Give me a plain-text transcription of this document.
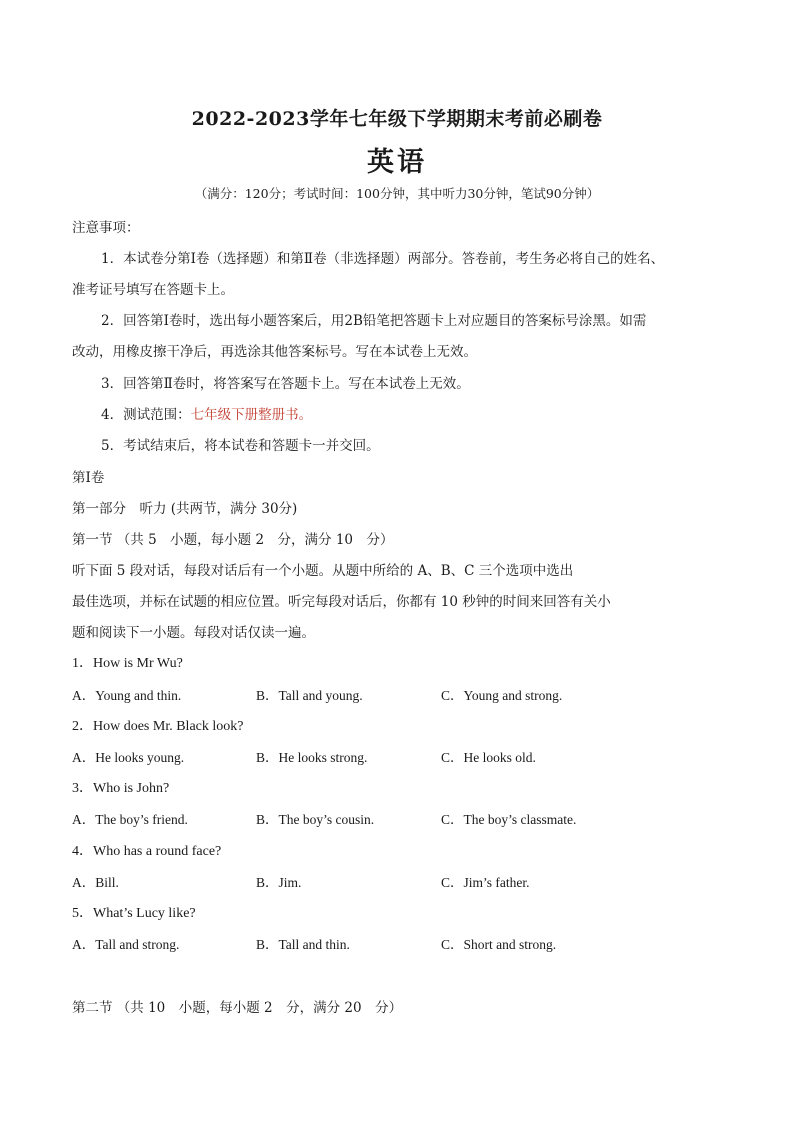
2022-2023学年七年级下学期期末考前必刷卷
英语
（满分：120分；考试时间：100分钟，其中听力30分钟，笔试90分钟）
注意事项：
1．本试卷分第Ⅰ卷（选择题）和第Ⅱ卷（非选择题）两部分。答卷前，考生务必将自己的姓名、
准考证号填写在答题卡上。
2．回答第Ⅰ卷时，选出每小题答案后，用2B铅笔把答题卡上对应题目的答案标号涂黑。如需
改动，用橡皮擦干净后，再选涂其他答案标号。写在本试卷上无效。
3．回答第Ⅱ卷时，将答案写在答题卡上。写在本试卷上无效。
4．测试范围：七年级下册整册书。
5．考试结束后，将本试卷和答题卡一并交回。
第Ⅰ卷
第一部分　听力 (共两节，满分 30分)
第一节 （共 5　小题，每小题 2　分，满分 10　分）
听下面 5 段对话，每段对话后有一个小题。从题中所给的 A、B、C 三个选项中选出
最佳选项，并标在试题的相应位置。听完每段对话后，你都有 10 秒钟的时间来回答有关小
题和阅读下一小题。每段对话仅读一遍。
1．How is Mr Wu?
A．Young and thin.	B．Tall and young.	C．Young and strong.
2．How does Mr. Black look?
A．He looks young.	B．He looks strong.	C．He looks old.
3．Who is John?
A．The boy’s friend.	B．The boy’s cousin.	C．The boy’s classmate.
4．Who has a round face?
A．Bill.	B．Jim.	C．Jim’s father.
5．What’s Lucy like?
A．Tall and strong.	B．Tall and thin.	C．Short and strong.
第二节 （共 10　小题，每小题 2　分，满分 20　分）
